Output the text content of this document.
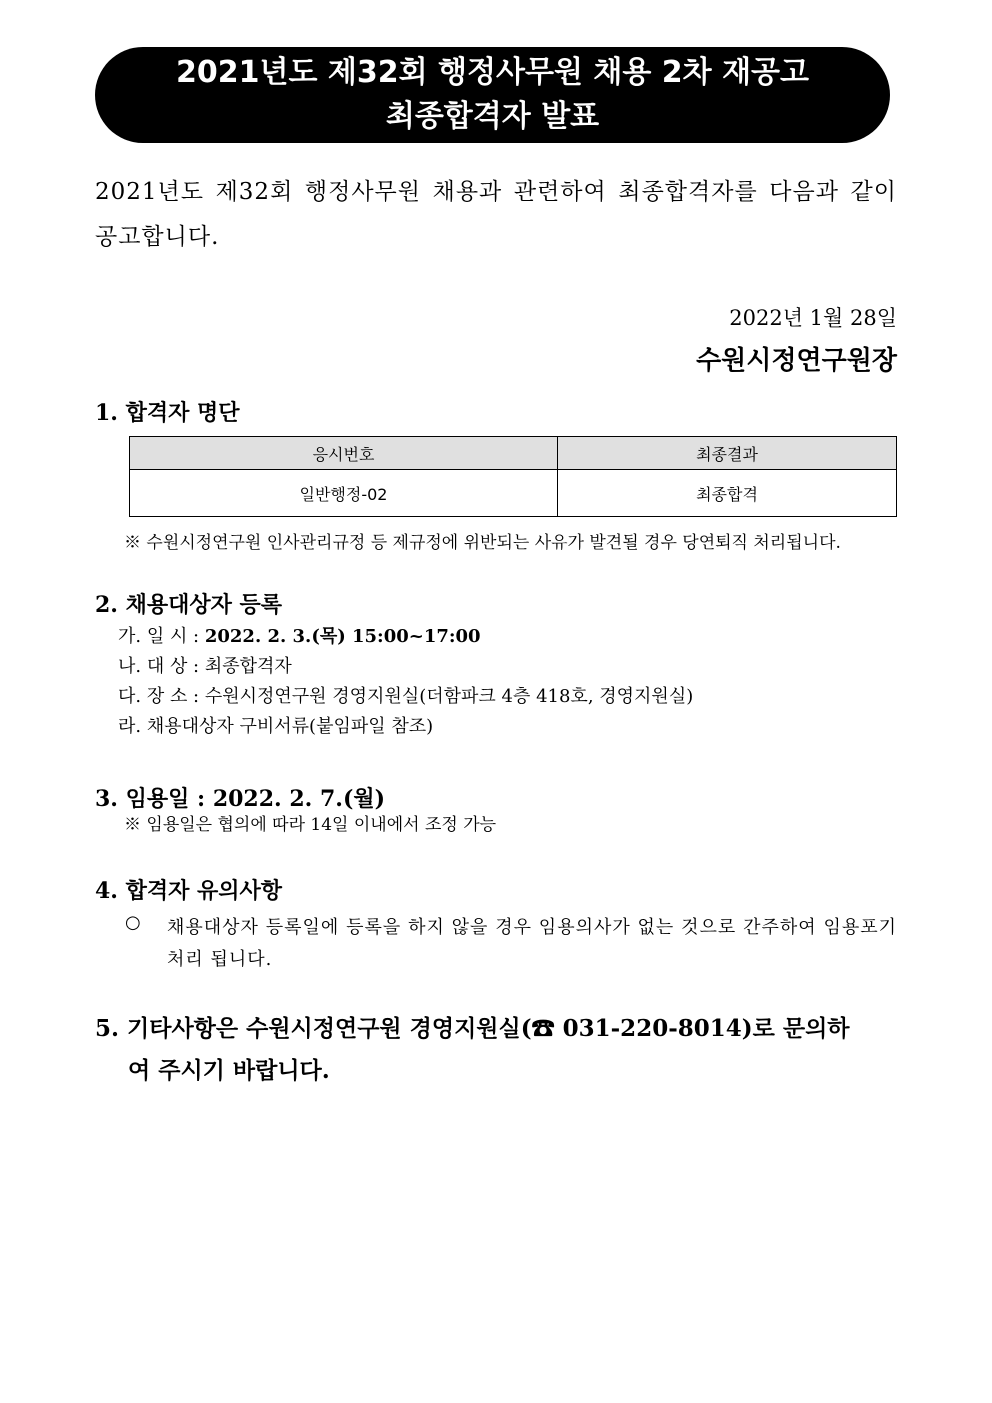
2021년도 제32회 행정사무원 채용 2차 재공고
최종합격자 발표
2021년도 제32회 행정사무원 채용과 관련하여 최종합격자를 다음과 같이 공고합니다.
2022년 1월 28일
수원시정연구원장
1. 합격자 명단
응시번호	최종결과
일반행정-02	최종합격
※ 수원시정연구원 인사관리규정 등 제규정에 위반되는 사유가 발견될 경우 당연퇴직 처리됩니다.
2. 채용대상자 등록
가. 일 시 : 2022. 2. 3.(목) 15:00~17:00
나. 대 상 : 최종합격자
다. 장 소 : 수원시정연구원 경영지원실(더함파크 4층 418호, 경영지원실)
라. 채용대상자 구비서류(붙임파일 참조)
3. 임용일 : 2022. 2. 7.(월)
※ 임용일은 협의에 따라 14일 이내에서 조정 가능
4. 합격자 유의사항
○ 채용대상자 등록일에 등록을 하지 않을 경우 임용의사가 없는 것으로 간주하여 임용포기처리 됩니다.
5. 기타사항은 수원시정연구원 경영지원실(☎ 031-220-8014)로 문의하
여 주시기 바랍니다.
